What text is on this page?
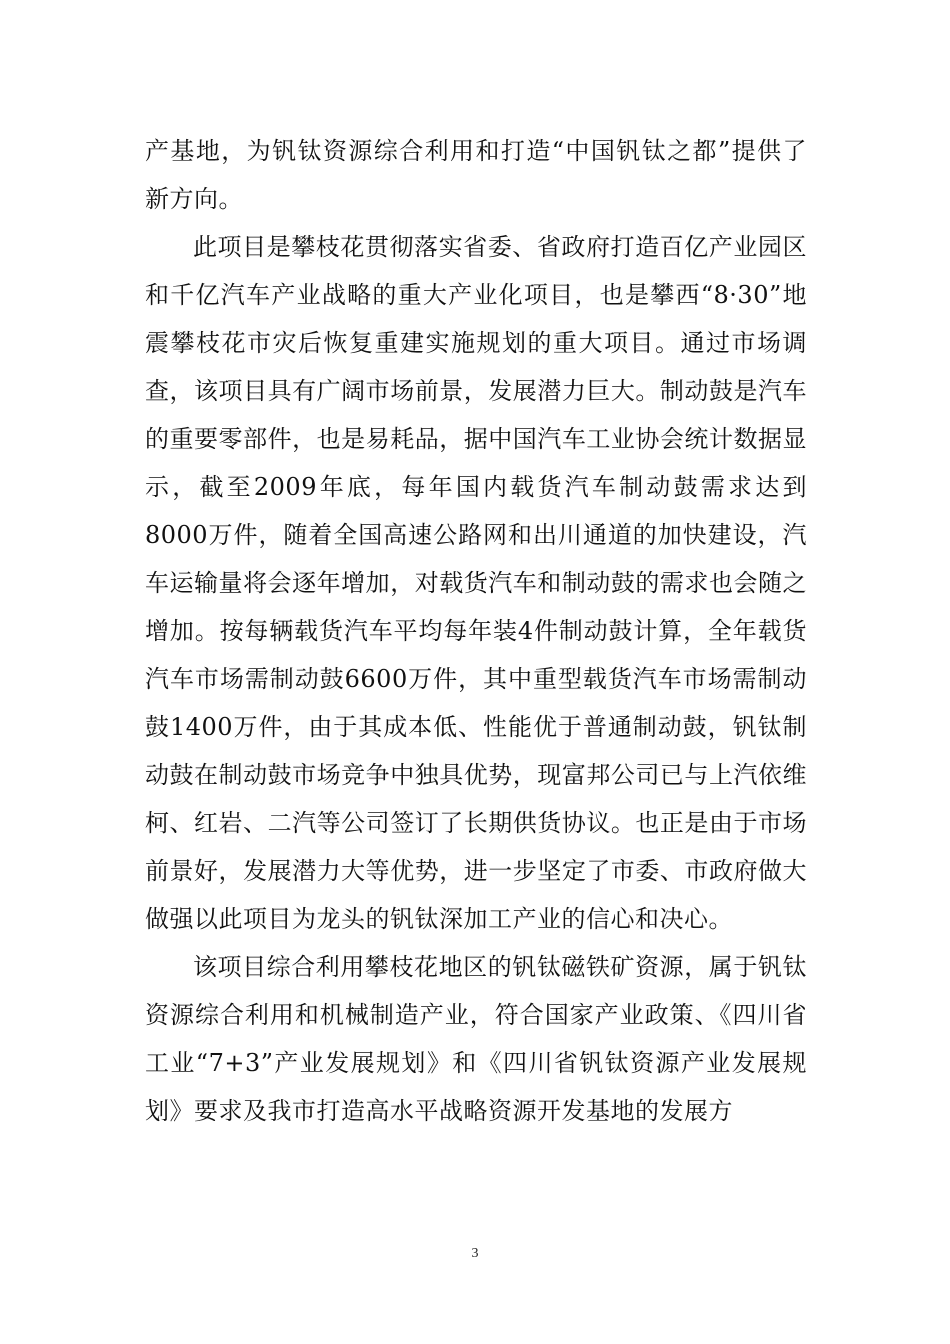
产基地，为钒钛资源综合利用和打造“中国钒钛之都”提供了新方向。

此项目是攀枝花贯彻落实省委、省政府打造百亿产业园区和千亿汽车产业战略的重大产业化项目，也是攀西“8·30”地震攀枝花市灾后恢复重建实施规划的重大项目。通过市场调查，该项目具有广阔市场前景，发展潜力巨大。制动鼓是汽车的重要零部件，也是易耗品，据中国汽车工业协会统计数据显示，截至2009年底，每年国内载货汽车制动鼓需求达到8000万件，随着全国高速公路网和出川通道的加快建设，汽车运输量将会逐年增加，对载货汽车和制动鼓的需求也会随之增加。按每辆载货汽车平均每年装4件制动鼓计算，全年载货汽车市场需制动鼓6600万件，其中重型载货汽车市场需制动鼓1400万件，由于其成本低、性能优于普通制动鼓，钒钛制动鼓在制动鼓市场竞争中独具优势，现富邦公司已与上汽依维柯、红岩、二汽等公司签订了长期供货协议。也正是由于市场前景好，发展潜力大等优势，进一步坚定了市委、市政府做大做强以此项目为龙头的钒钛深加工产业的信心和决心。

该项目综合利用攀枝花地区的钒钛磁铁矿资源，属于钒钛资源综合利用和机械制造产业，符合国家产业政策、《四川省工业“7+3”产业发展规划》和《四川省钒钛资源产业发展规划》要求及我市打造高水平战略资源开发基地的发展方

3
